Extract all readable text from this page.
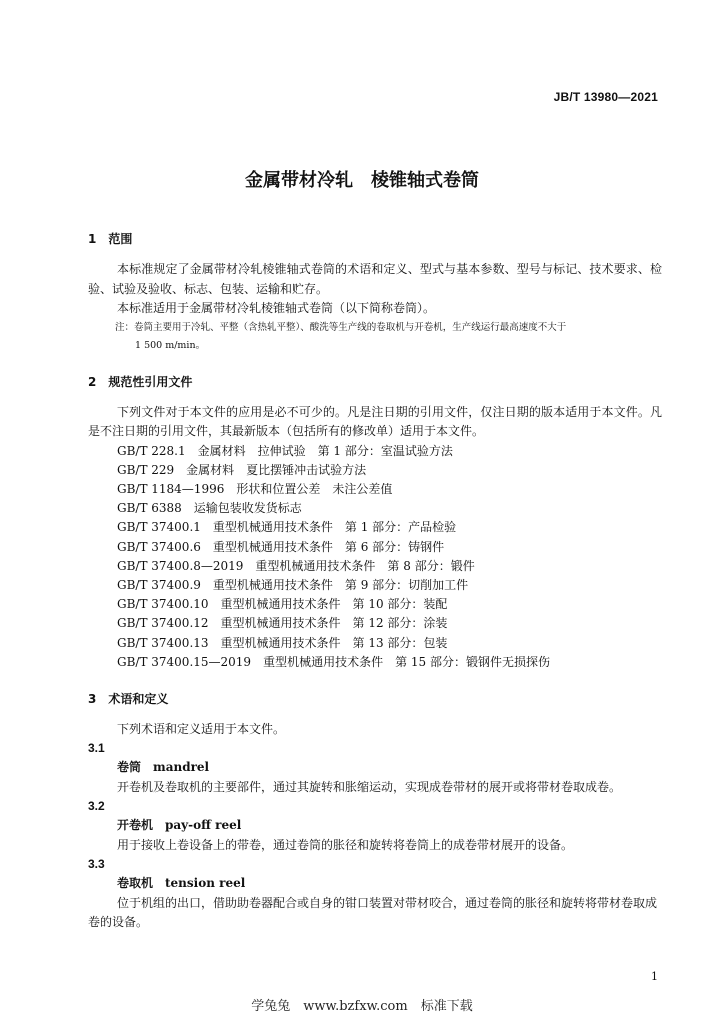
JB/T 13980—2021
金属带材冷轧　棱锥轴式卷筒

1　范围

本标准规定了金属带材冷轧棱锥轴式卷筒的术语和定义、型式与基本参数、型号与标记、技术要求、检验、试验及验收、标志、包装、运输和贮存。

本标准适用于金属带材冷轧棱锥轴式卷筒（以下简称卷筒）。

注：卷筒主要用于冷轧、平整（含热轧平整）、酸洗等生产线的卷取机与开卷机，生产线运行最高速度不大于

1 500 m/min。

2　规范性引用文件

下列文件对于本文件的应用是必不可少的。凡是注日期的引用文件，仅注日期的版本适用于本文件。凡是不注日期的引用文件，其最新版本（包括所有的修改单）适用于本文件。

GB/T 228.1　金属材料　拉伸试验　第 1 部分：室温试验方法

GB/T 229　金属材料　夏比摆锤冲击试验方法

GB/T 1184—1996　形状和位置公差　未注公差值

GB/T 6388　运输包装收发货标志

GB/T 37400.1　重型机械通用技术条件　第 1 部分：产品检验

GB/T 37400.6　重型机械通用技术条件　第 6 部分：铸钢件

GB/T 37400.8—2019　重型机械通用技术条件　第 8 部分：锻件

GB/T 37400.9　重型机械通用技术条件　第 9 部分：切削加工件

GB/T 37400.10　重型机械通用技术条件　第 10 部分：装配

GB/T 37400.12　重型机械通用技术条件　第 12 部分：涂装

GB/T 37400.13　重型机械通用技术条件　第 13 部分：包装

GB/T 37400.15—2019　重型机械通用技术条件　第 15 部分：锻钢件无损探伤

3　术语和定义

下列术语和定义适用于本文件。

3.1

卷筒　mandrel

开卷机及卷取机的主要部件，通过其旋转和胀缩运动，实现成卷带材的展开或将带材卷取成卷。

3.2

开卷机　pay-off reel

用于接收上卷设备上的带卷，通过卷筒的胀径和旋转将卷筒上的成卷带材展开的设备。

3.3

卷取机　tension reel

位于机组的出口，借助助卷器配合或自身的钳口装置对带材咬合，通过卷筒的胀径和旋转将带材卷取成卷的设备。

1
学兔兔　www.bzfxw.com　标准下载
